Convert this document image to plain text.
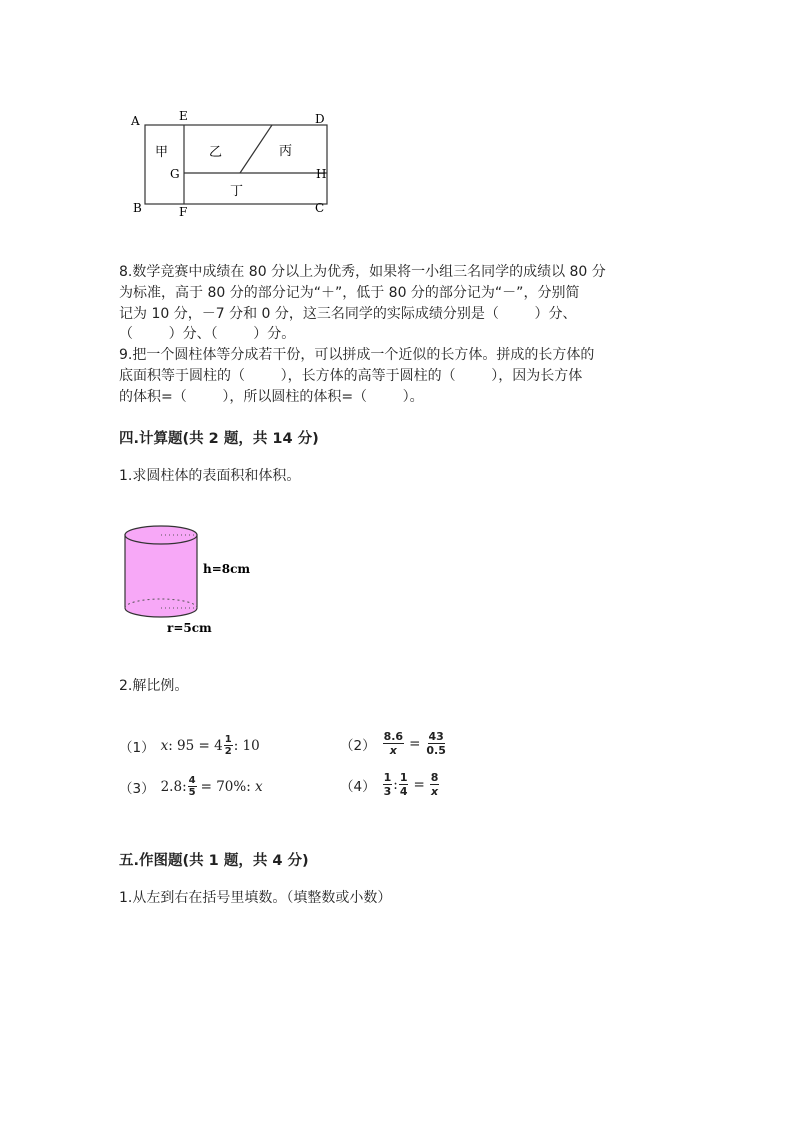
A	E	D
G	H
B	F	C
甲	乙	丙
丁
8.数学竞赛中成绩在 80 分以上为优秀，如果将一小组三名同学的成绩以 80 分
为标准，高于 80 分的部分记为“＋”，低于 80 分的部分记为“－”，分别简
记为 10 分，－7 分和 0 分，这三名同学的实际成绩分别是（        ）分、
（        ）分、（        ）分。
9.把一个圆柱体等分成若干份，可以拼成一个近似的长方体。拼成的长方体的
底面积等于圆柱的（        ），长方体的高等于圆柱的（        ），因为长方体
的体积=（        ），所以圆柱的体积=（        ）。
四.计算题(共 2 题，共 14 分)
1.求圆柱体的表面积和体积。
h=8cm
r=5cm
2.解比例。
（1） 𝑥: $95 = 4 \frac{1}{2}$ : 10	$(2) \frac{8.6}{x} = \frac{43}{0.5}$
（3） 2.8: $\frac{4}{5} = 70\%$: 𝑥	$(4) \frac{1}{3}$ : $\frac{1}{4} = \frac{8}{x}$
五.作图题(共 1 题，共 4 分)
1.从左到右在括号里填数。（填整数或小数）
